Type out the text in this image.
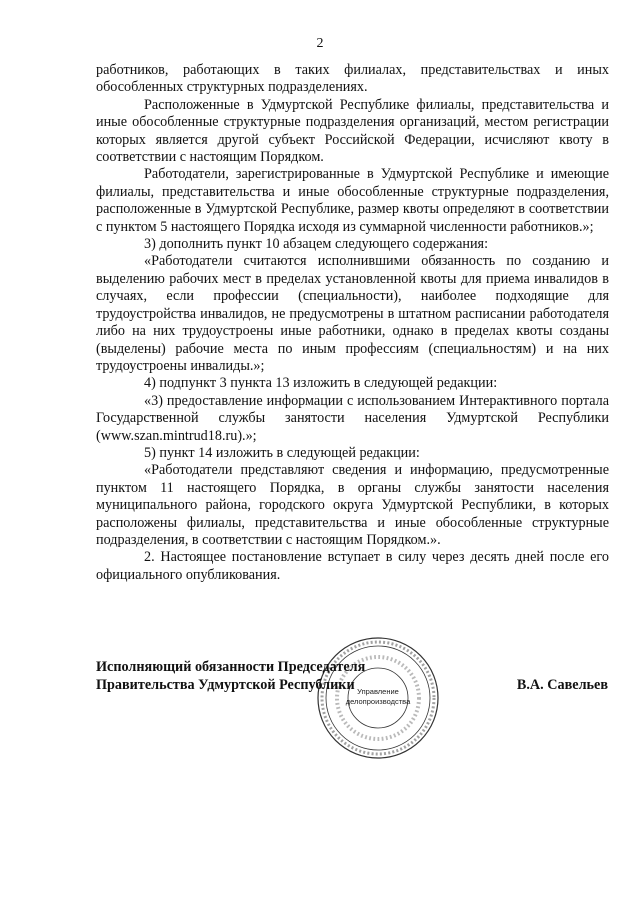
2

работников, работающих в таких филиалах, представительствах и иных обособленных структурных подразделениях.

Расположенные в Удмуртской Республике филиалы, представительства и иные обособленные структурные подразделения организаций, местом регистрации которых является другой субъект Российской Федерации, исчисляют квоту в соответствии с настоящим Порядком.

Работодатели, зарегистрированные в Удмуртской Республике и имеющие филиалы, представительства и иные обособленные структурные подразделения, расположенные в Удмуртской Республике, размер квоты определяют в соответствии с пунктом 5 настоящего Порядка исходя из суммарной численности работников.»;

3) дополнить пункт 10 абзацем следующего содержания:

«Работодатели считаются исполнившими обязанность по созданию и выделению рабочих мест в пределах установленной квоты для приема инвалидов в случаях, если профессии (специальности), наиболее подходящие для трудоустройства инвалидов, не предусмотрены в штатном расписании работодателя либо на них трудоустроены иные работники, однако в пределах квоты созданы (выделены) рабочие места по иным профессиям (специальностям) и на них трудоустроены инвалиды.»;

4) подпункт 3 пункта 13 изложить в следующей редакции:

«3) предоставление информации с использованием Интерактивного портала Государственной службы занятости населения Удмуртской Республики (www.szan.mintrud18.ru).»;

5) пункт 14 изложить в следующей редакции:

«Работодатели представляют сведения и информацию, предусмотренные пунктом 11 настоящего Порядка, в органы службы занятости населения муниципального района, городского округа Удмуртской Республики, в которых расположены филиалы, представительства и иные обособленные структурные подразделения, в соответствии с настоящим Порядком.».

2. Настоящее постановление вступает в силу через десять дней после его официального опубликования.

Управление
делопроизводства
Исполняющий обязанности Председателя
Правительства Удмуртской Республики	В.А. Савельев
